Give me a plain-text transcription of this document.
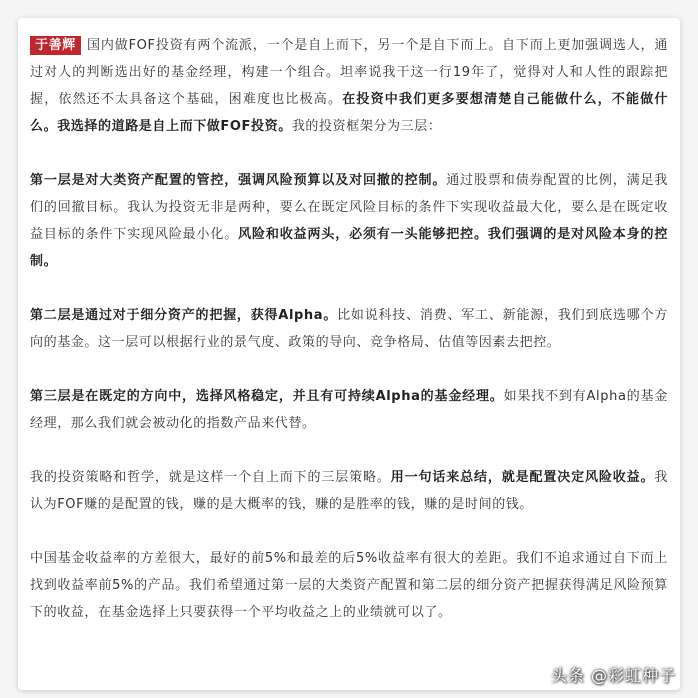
于善辉 国内做FOF投资有两个流派，一个是自上而下，另一个是自下而上。自下而上更加强调选人，通过对人的判断选出好的基金经理，构建一个组合。坦率说我干这一行19年了，觉得对人和人性的跟踪把握，依然还不太具备这个基础，困难度也比极高。在投资中我们更多要想清楚自己能做什么，不能做什么。我选择的道路是自上而下做FOF投资。我的投资框架分为三层：

第一层是对大类资产配置的管控，强调风险预算以及对回撤的控制。通过股票和债券配置的比例，满足我们的回撤目标。我认为投资无非是两种，要么在既定风险目标的条件下实现收益最大化，要么是在既定收益目标的条件下实现风险最小化。风险和收益两头，必须有一头能够把控。我们强调的是对风险本身的控制。

第二层是通过对于细分资产的把握，获得Alpha。比如说科技、消费、军工、新能源，我们到底选哪个方向的基金。这一层可以根据行业的景气度、政策的导向、竞争格局、估值等因素去把控。

第三层是在既定的方向中，选择风格稳定，并且有可持续Alpha的基金经理。如果找不到有Alpha的基金经理，那么我们就会被动化的指数产品来代替。

我的投资策略和哲学，就是这样一个自上而下的三层策略。用一句话来总结，就是配置决定风险收益。我认为FOF赚的是配置的钱，赚的是大概率的钱，赚的是胜率的钱，赚的是时间的钱。

中国基金收益率的方差很大，最好的前5%和最差的后5%收益率有很大的差距。我们不追求通过自下而上找到收益率前5%的产品。我们希望通过第一层的大类资产配置和第二层的细分资产把握获得满足风险预算下的收益，在基金选择上只要获得一个平均收益之上的业绩就可以了。

头条 @彩虹种子
